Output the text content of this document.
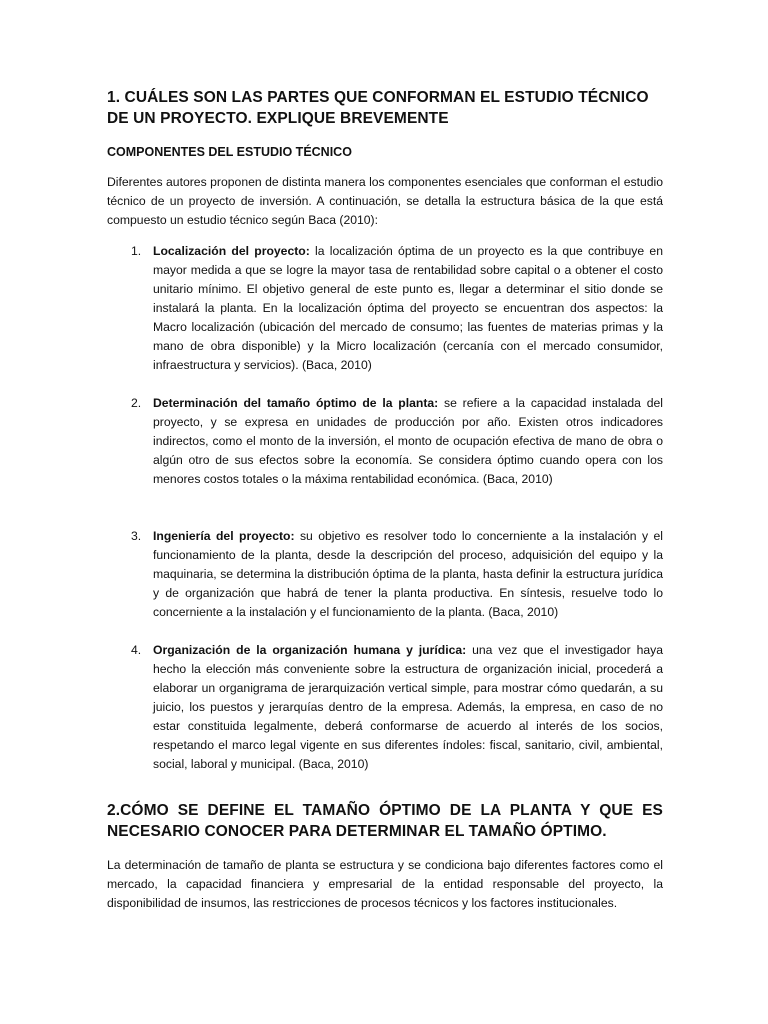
1. CUÁLES SON LAS PARTES QUE CONFORMAN EL ESTUDIO TÉCNICO DE UN PROYECTO. EXPLIQUE BREVEMENTE
COMPONENTES DEL ESTUDIO TÉCNICO

Diferentes autores proponen de distinta manera los componentes esenciales que conforman el estudio técnico de un proyecto de inversión. A continuación, se detalla la estructura básica de la que está compuesto un estudio técnico según Baca (2010):

1. Localización del proyecto: la localización óptima de un proyecto es la que contribuye en mayor medida a que se logre la mayor tasa de rentabilidad sobre capital o a obtener el costo unitario mínimo. El objetivo general de este punto es, llegar a determinar el sitio donde se instalará la planta. En la localización óptima del proyecto se encuentran dos aspectos: la Macro localización (ubicación del mercado de consumo; las fuentes de materias primas y la mano de obra disponible) y la Micro localización (cercanía con el mercado consumidor, infraestructura y servicios). (Baca, 2010)
2. Determinación del tamaño óptimo de la planta: se refiere a la capacidad instalada del proyecto, y se expresa en unidades de producción por año. Existen otros indicadores indirectos, como el monto de la inversión, el monto de ocupación efectiva de mano de obra o algún otro de sus efectos sobre la economía. Se considera óptimo cuando opera con los menores costos totales o la máxima rentabilidad económica. (Baca, 2010)
3. Ingeniería del proyecto: su objetivo es resolver todo lo concerniente a la instalación y el funcionamiento de la planta, desde la descripción del proceso, adquisición del equipo y la maquinaria, se determina la distribución óptima de la planta, hasta definir la estructura jurídica y de organización que habrá de tener la planta productiva. En síntesis, resuelve todo lo concerniente a la instalación y el funcionamiento de la planta. (Baca, 2010)
4. Organización de la organización humana y jurídica: una vez que el investigador haya hecho la elección más conveniente sobre la estructura de organización inicial, procederá a elaborar un organigrama de jerarquización vertical simple, para mostrar cómo quedarán, a su juicio, los puestos y jerarquías dentro de la empresa. Además, la empresa, en caso de no estar constituida legalmente, deberá conformarse de acuerdo al interés de los socios, respetando el marco legal vigente en sus diferentes índoles: fiscal, sanitario, civil, ambiental, social, laboral y municipal. (Baca, 2010)
2.CÓMO SE DEFINE EL TAMAÑO ÓPTIMO DE LA PLANTA Y QUE ES NECESARIO CONOCER PARA DETERMINAR EL TAMAÑO ÓPTIMO.

La determinación de tamaño de planta se estructura y se condiciona bajo diferentes factores como el mercado, la capacidad financiera y empresarial de la entidad responsable del proyecto, la disponibilidad de insumos, las restricciones de procesos técnicos y los factores institucionales.
